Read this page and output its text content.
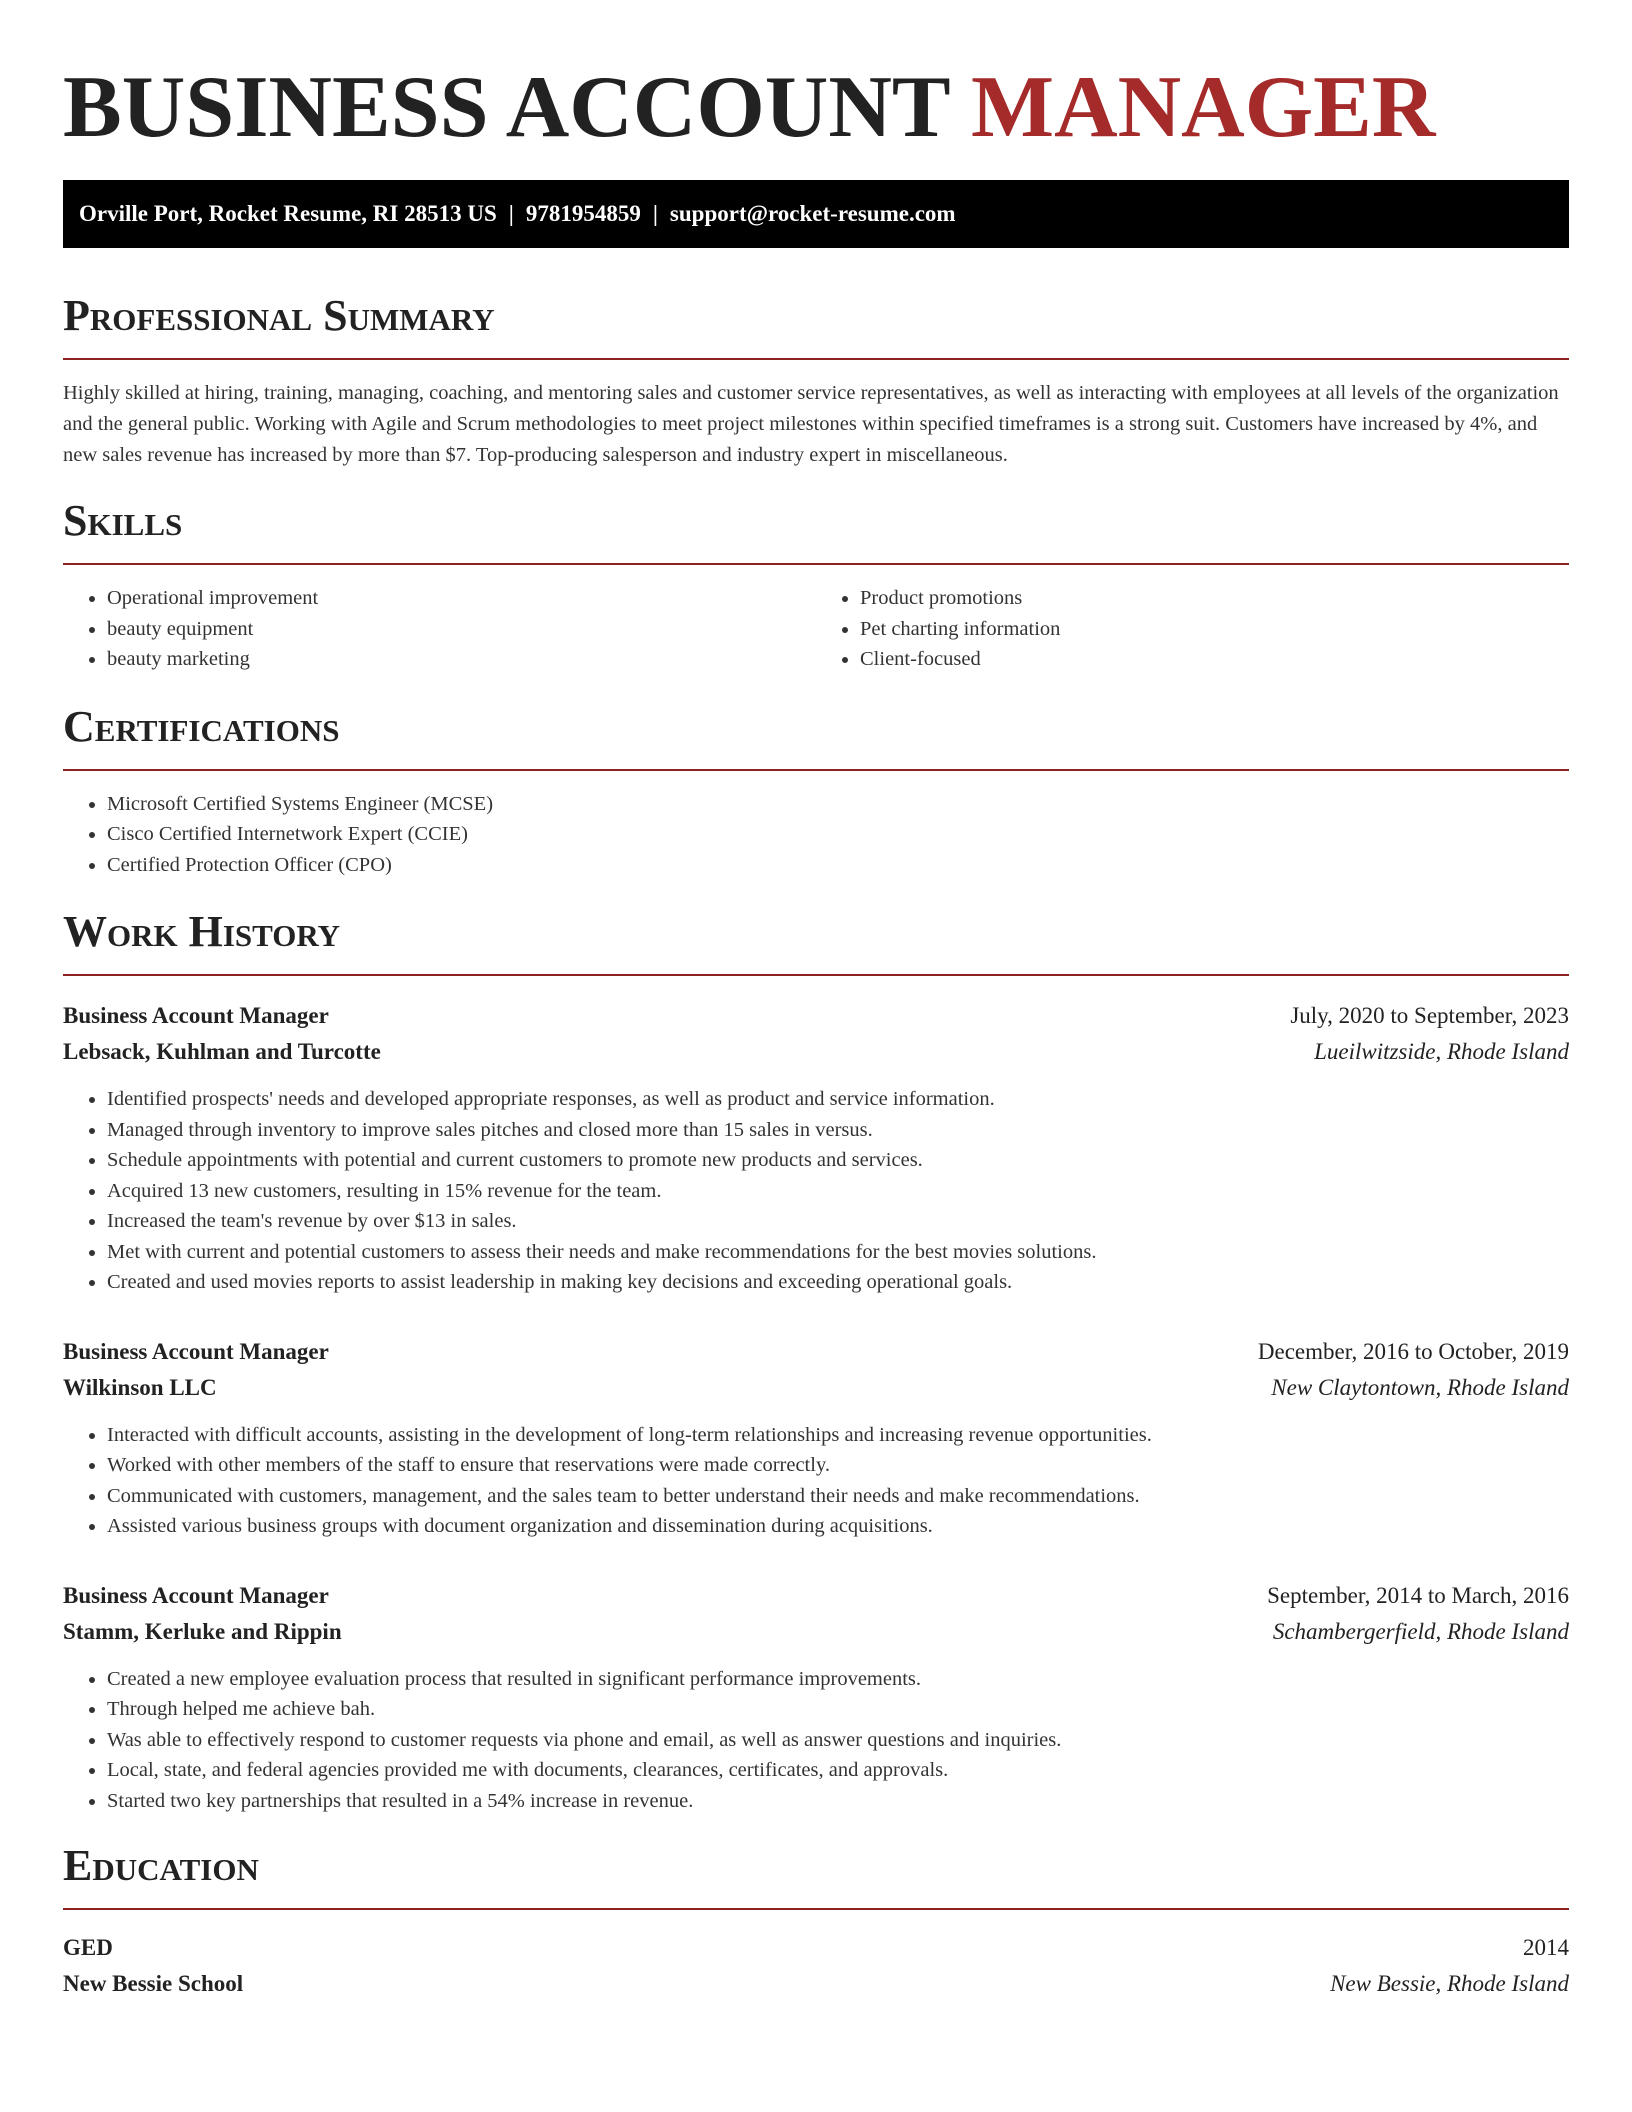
BUSINESS ACCOUNT MANAGER
Orville Port, Rocket Resume, RI 28513 US | 9781954859 | support@rocket-resume.com
Professional Summary

Highly skilled at hiring, training, managing, coaching, and mentoring sales and customer service representatives, as well as interacting with employees at all levels of the organization and the general public. Working with Agile and Scrum methodologies to meet project milestones within specified timeframes is a strong suit. Customers have increased by 4%, and new sales revenue has increased by more than $7. Top-producing salesperson and industry expert in miscellaneous.

Skills
• Operational improvement
• beauty equipment
• beauty marketing
• Product promotions
• Pet charting information
• Client-focused
Certifications
• Microsoft Certified Systems Engineer (MCSE)
• Cisco Certified Internetwork Expert (CCIE)
• Certified Protection Officer (CPO)
Work History
Business Account Manager	July, 2020 to September, 2023
Lebsack, Kuhlman and Turcotte	Lueilwitzside, Rhode Island
• Identified prospects' needs and developed appropriate responses, as well as product and service information.
• Managed through inventory to improve sales pitches and closed more than 15 sales in versus.
• Schedule appointments with potential and current customers to promote new products and services.
• Acquired 13 new customers, resulting in 15% revenue for the team.
• Increased the team's revenue by over $13 in sales.
• Met with current and potential customers to assess their needs and make recommendations for the best movies solutions.
• Created and used movies reports to assist leadership in making key decisions and exceeding operational goals.
Business Account Manager	December, 2016 to October, 2019
Wilkinson LLC	New Claytontown, Rhode Island
• Interacted with difficult accounts, assisting in the development of long-term relationships and increasing revenue opportunities.
• Worked with other members of the staff to ensure that reservations were made correctly.
• Communicated with customers, management, and the sales team to better understand their needs and make recommendations.
• Assisted various business groups with document organization and dissemination during acquisitions.
Business Account Manager	September, 2014 to March, 2016
Stamm, Kerluke and Rippin	Schambergerfield, Rhode Island
• Created a new employee evaluation process that resulted in significant performance improvements.
• Through helped me achieve bah.
• Was able to effectively respond to customer requests via phone and email, as well as answer questions and inquiries.
• Local, state, and federal agencies provided me with documents, clearances, certificates, and approvals.
• Started two key partnerships that resulted in a 54% increase in revenue.
Education
GED	2014
New Bessie School	New Bessie, Rhode Island
